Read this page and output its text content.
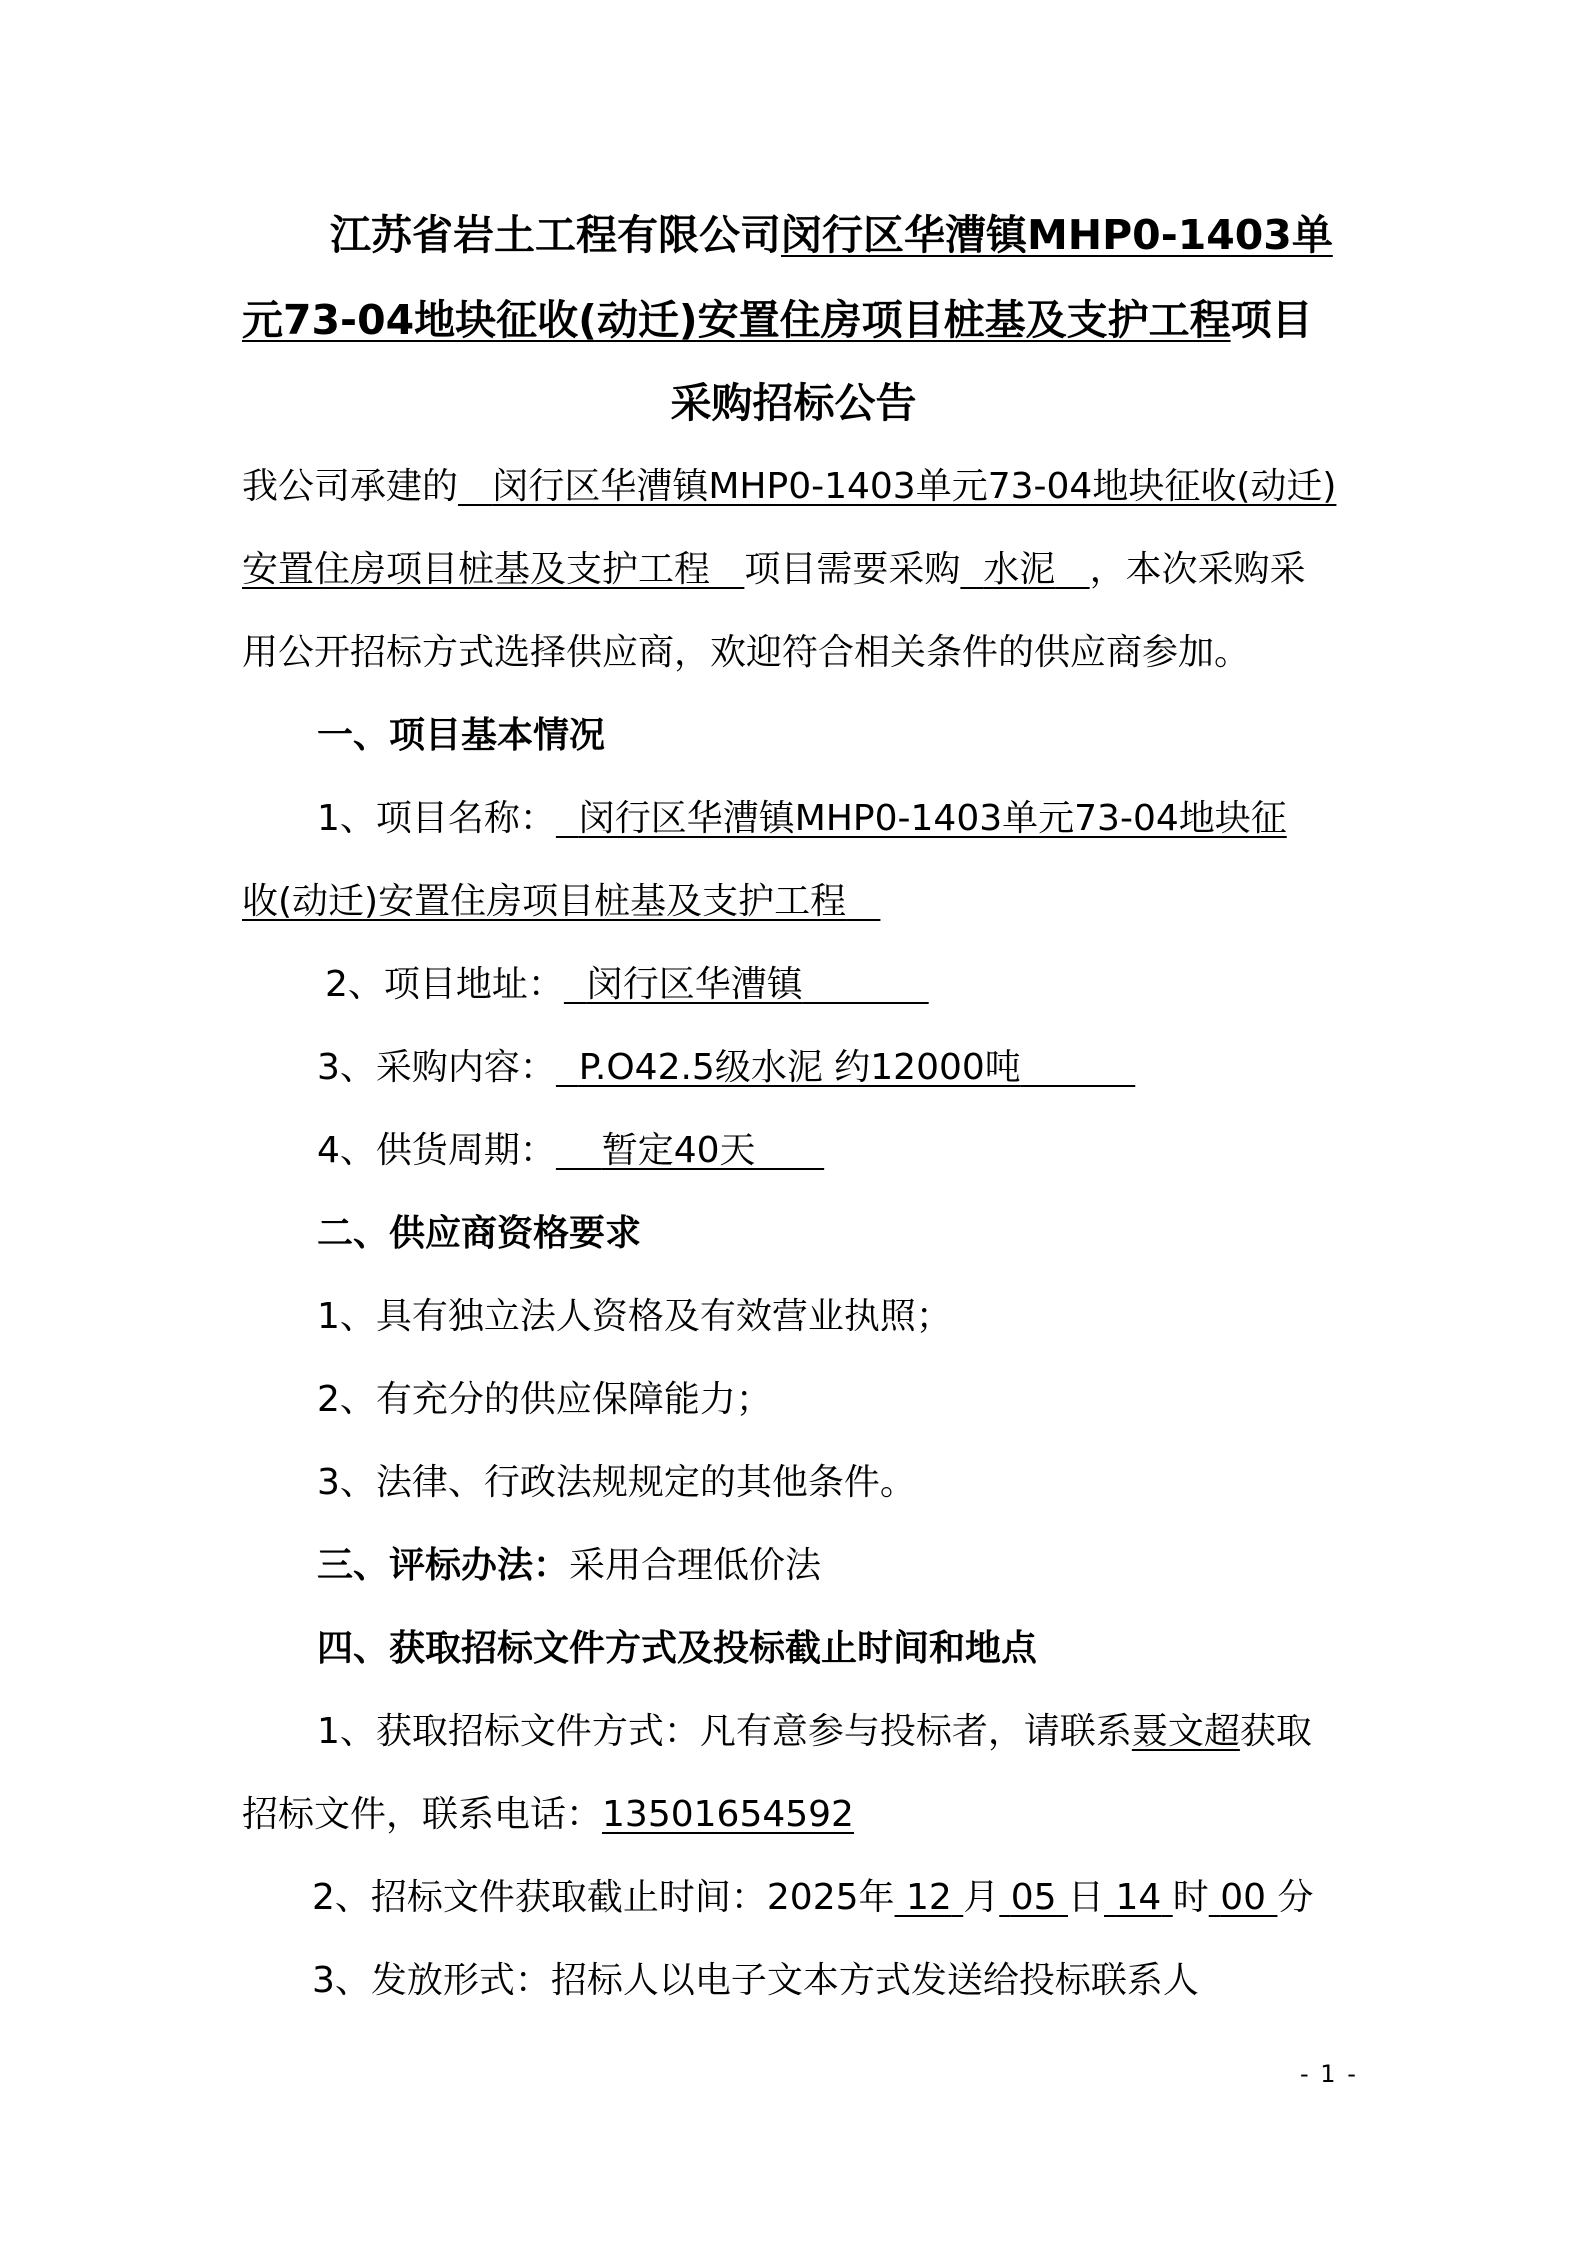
江苏省岩土工程有限公司闵行区华漕镇MHP0-1403单
元73-04地块征收(动迁)安置住房项目桩基及支护工程项目
采购招标公告
我公司承建的 闵行区华漕镇MHP0-1403单元73-04地块征收(动迁)
安置住房项目桩基及支护工程 项目需要采购 水泥 ，本次采购采
用公开招标方式选择供应商，欢迎符合相关条件的供应商参加。
一、项目基本情况
1、项目名称： 闵行区华漕镇MHP0-1403单元73-04地块征
收(动迁)安置住房项目桩基及支护工程
2、项目地址： 闵行区华漕镇
3、采购内容： P.O42.5级水泥 约12000吨
4、供货周期： 暂定40天
二、供应商资格要求
1、具有独立法人资格及有效营业执照；
2、有充分的供应保障能力；
3、法律、行政法规规定的其他条件。
三、评标办法：采用合理低价法
四、获取招标文件方式及投标截止时间和地点
1、获取招标文件方式：凡有意参与投标者，请联系聂文超获取
招标文件，联系电话：13501654592
2、招标文件获取截止时间：2025年 12 月 05 日 14 时 00 分
3、发放形式：招标人以电子文本方式发送给投标联系人
- 1 -
